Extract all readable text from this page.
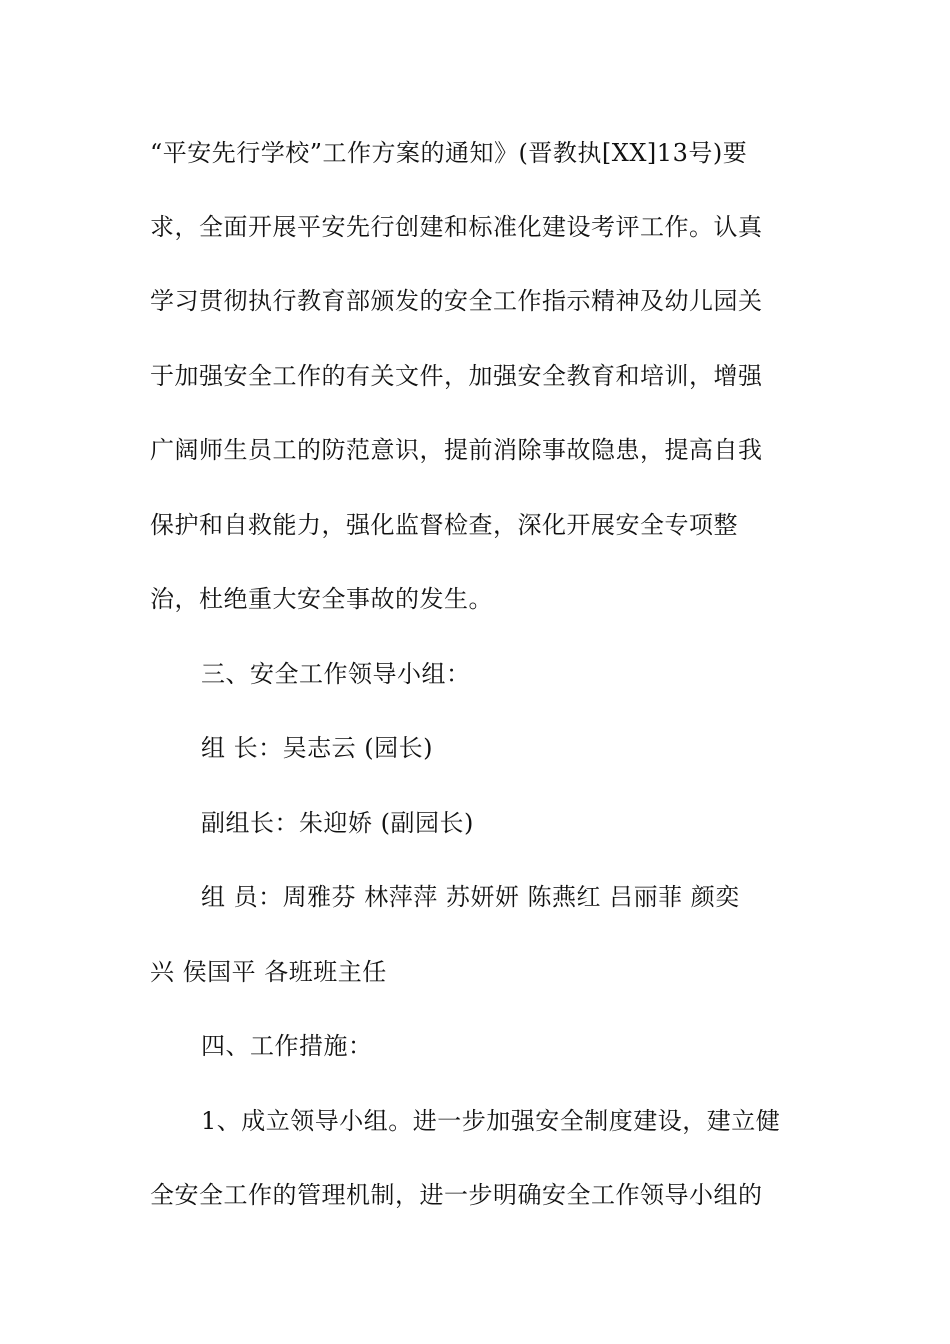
“平安先行学校”工作方案的通知》(晋教执[XX]13号)要
求，全面开展平安先行创建和标准化建设考评工作。认真
学习贯彻执行教育部颁发的安全工作指示精神及幼儿园关
于加强安全工作的有关文件，加强安全教育和培训，增强
广阔师生员工的防范意识，提前消除事故隐患，提高自我
保护和自救能力，强化监督检查，深化开展安全专项整
治，杜绝重大安全事故的发生。
三、安全工作领导小组：
组 长：吴志云 (园长)
副组长：朱迎娇 (副园长)
组 员：周雅芬 林萍萍 苏妍妍 陈燕红 吕丽菲 颜奕
兴 侯国平 各班班主任
四、工作措施：
1、成立领导小组。进一步加强安全制度建设，建立健
全安全工作的管理机制，进一步明确安全工作领导小组的
